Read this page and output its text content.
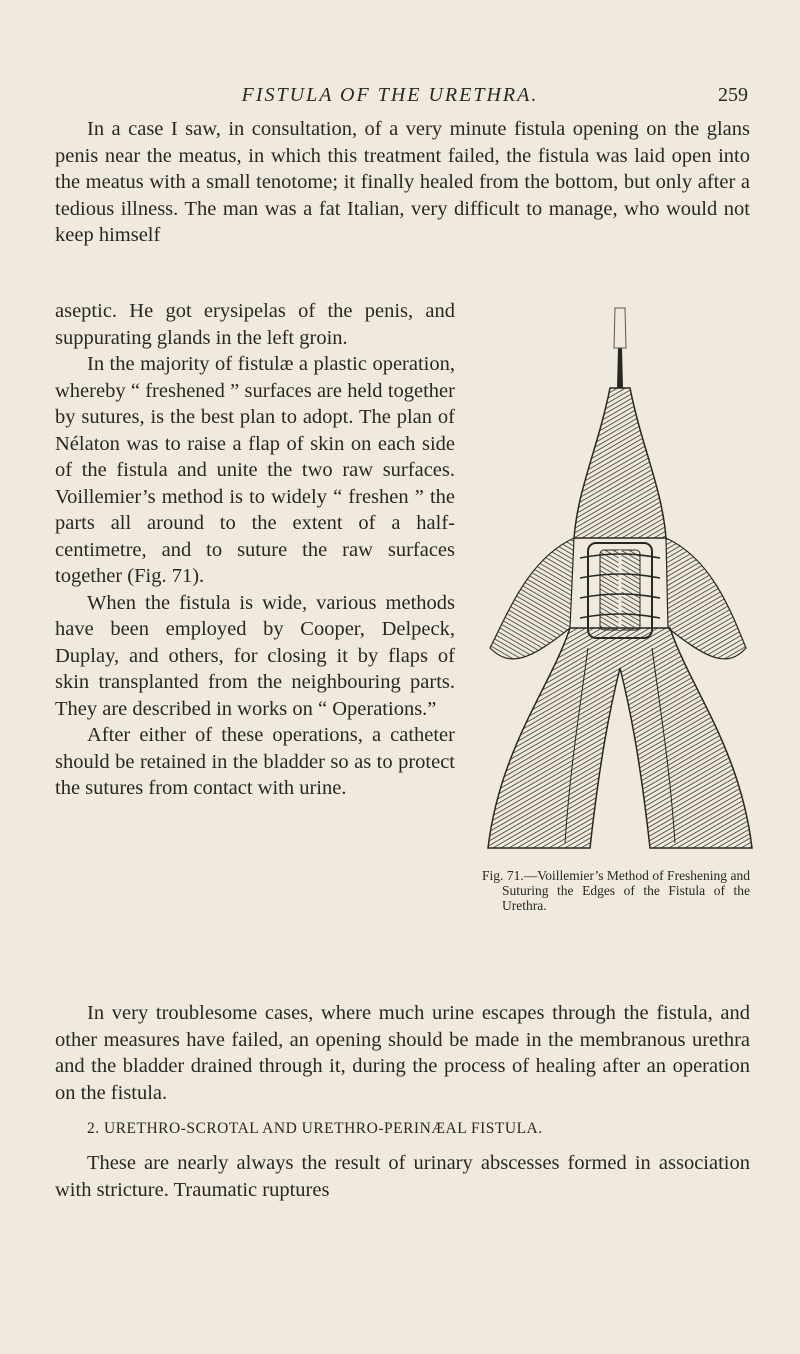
FISTULA OF THE URETHRA.	259

In a case I saw, in consultation, of a very minute fistula opening on the glans penis near the meatus, in which this treatment failed, the fistula was laid open into the meatus with a small tenotome; it finally healed from the bottom, but only after a tedious illness. The man was a fat Italian, very difficult to manage, who would not keep himself

aseptic. He got erysipelas of the penis, and suppurating glands in the left groin.

In the majority of fistulæ a plastic operation, whereby “ freshened ” surfaces are held together by sutures, is the best plan to adopt. The plan of Nélaton was to raise a flap of skin on each side of the fistula and unite the two raw surfaces. Voillemier’s method is to widely “ freshen ” the parts all around to the extent of a half-centimetre, and to suture the raw surfaces together (Fig. 71).

When the fistula is wide, various methods have been employed by Cooper, Delpeck, Duplay, and others, for closing it by flaps of skin transplanted from the neighbouring parts. They are described in works on “ Operations.”

After either of these operations, a catheter should be retained in the bladder so as to protect the sutures from contact with urine.

Fig. 71.—Voillemier’s Method of Freshening and Suturing the Edges of the Fistula of the Urethra.

In very troublesome cases, where much urine escapes through the fistula, and other measures have failed, an opening should be made in the membranous urethra and the bladder drained through it, during the process of healing after an operation on the fistula.

2. URETHRO-SCROTAL AND URETHRO-PERINÆAL FISTULA.

These are nearly always the result of urinary abscesses formed in association with stricture. Traumatic ruptures
